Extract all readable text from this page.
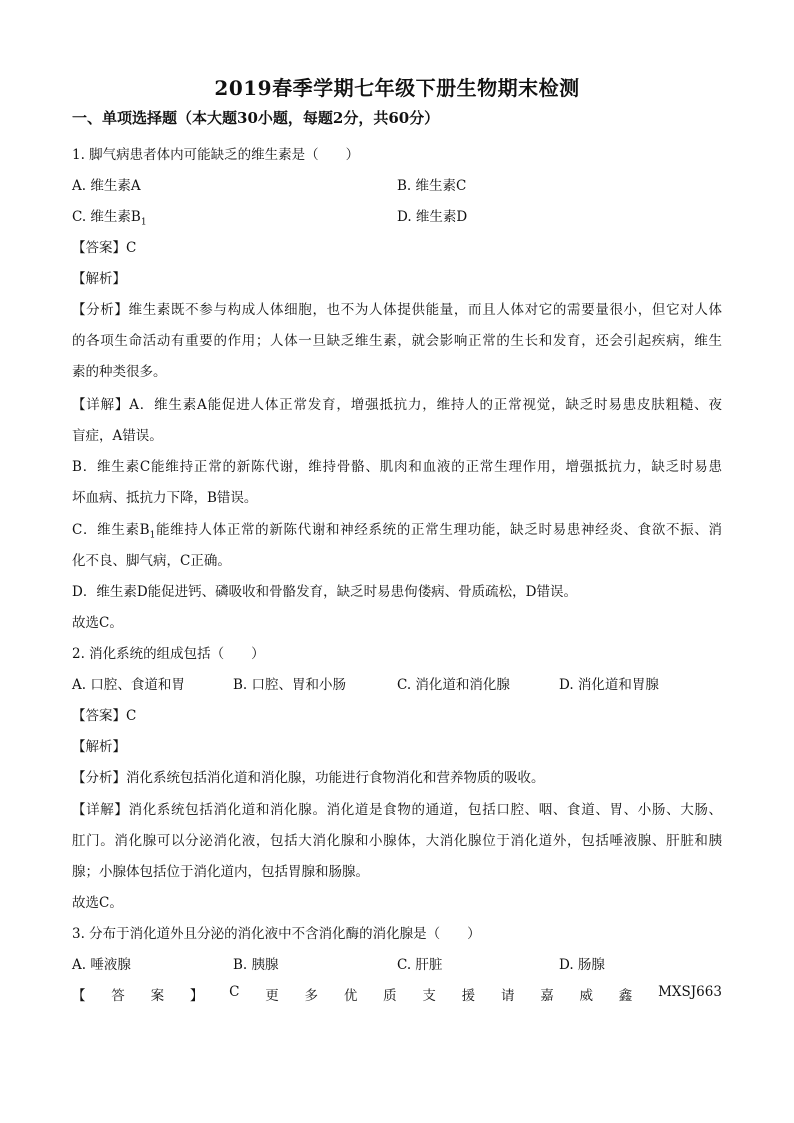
2019春季学期七年级下册生物期末检测
一、单项选择题（本大题30小题，每题2分，共60分）
1. 脚气病患者体内可能缺乏的维生素是（　　）
A. 维生素A	B. 维生素C
C. 维生素$B_1$	D. 维生素D
【答案】C
【解析】
【分析】维生素既不参与构成人体细胞，也不为人体提供能量，而且人体对它的需要量很小，但它对人体
的各项生命活动有重要的作用；人体一旦缺乏维生素，就会影响正常的生长和发育，还会引起疾病，维生
素的种类很多。
【详解】A．维生素A能促进人体正常发育，增强抵抗力，维持人的正常视觉，缺乏时易患皮肤粗糙、夜
盲症，A错误。
B．维生素C能维持正常的新陈代谢，维持骨骼、肌肉和血液的正常生理作用，增强抵抗力，缺乏时易患
坏血病、抵抗力下降，B错误。
C．维生素$B_1$能维持人体正常的新陈代谢和神经系统的正常生理功能，缺乏时易患神经炎、食欲不振、消
化不良、脚气病，C正确。
D．维生素D能促进钙、磷吸收和骨骼发育，缺乏时易患佝偻病、骨质疏松，D错误。
故选C。
2. 消化系统的组成包括（　　）
A. 口腔、食道和胃	B. 口腔、胃和小肠	C. 消化道和消化腺	D. 消化道和胃腺
【答案】C
【解析】
【分析】消化系统包括消化道和消化腺，功能进行食物消化和营养物质的吸收。
【详解】消化系统包括消化道和消化腺。消化道是食物的通道，包括口腔、咽、食道、胃、小肠、大肠、
肛门。消化腺可以分泌消化液，包括大消化腺和小腺体，大消化腺位于消化道外，包括唾液腺、肝脏和胰
腺；小腺体包括位于消化道内，包括胃腺和肠腺。
故选C。
3. 分布于消化道外且分泌的消化液中不含消化酶的消化腺是（　　）
A. 唾液腺	B. 胰腺	C. 肝脏	D. 肠腺
【 答 案 】 C 更 多 优 质 支 援 请 嘉 威 鑫 MXSJ663
